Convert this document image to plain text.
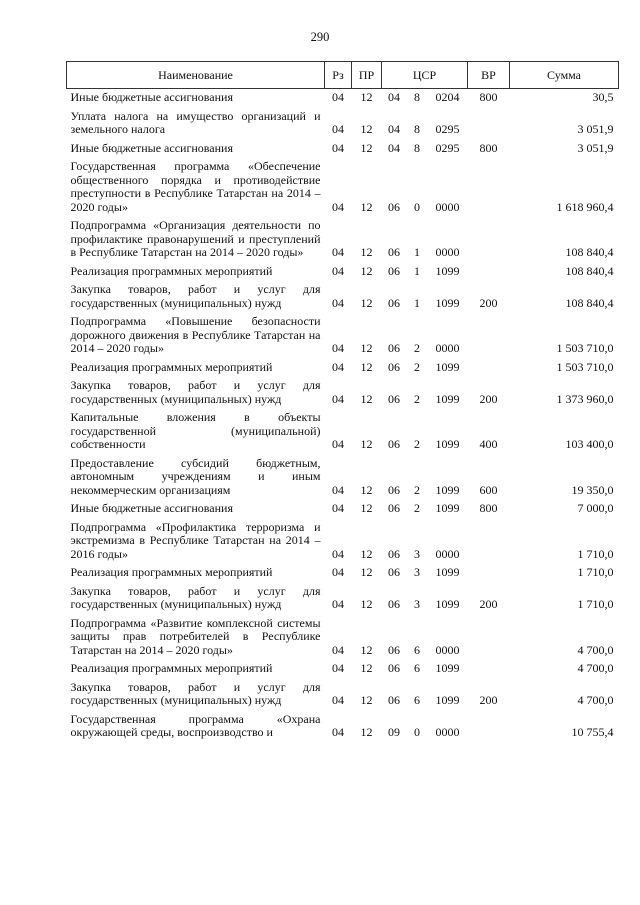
290
Наименование	Рз	ПР	ЦСР			ВР	Сумма
Иные бюджетные ассигнования	04	12	04	8	0204	800	30,5
Уплата налога на имущество организаций и земельного налога	04	12	04	8	0295		3 051,9
Иные бюджетные ассигнования	04	12	04	8	0295	800	3 051,9
Государственная программа «Обеспечение общественного порядка и противодействие преступности в Республике Татарстан на 2014 – 2020 годы»	04	12	06	0	0000		1 618 960,4
Подпрограмма «Организация деятельности по профилактике правонарушений и преступлений в Республике Татарстан на 2014 – 2020 годы»	04	12	06	1	0000		108 840,4
Реализация программных мероприятий	04	12	06	1	1099		108 840,4
Закупка товаров, работ и услуг для государственных (муниципальных) нужд	04	12	06	1	1099	200	108 840,4
Подпрограмма «Повышение безопасности дорожного движения в Республике Татарстан на 2014 – 2020 годы»	04	12	06	2	0000		1 503 710,0
Реализация программных мероприятий	04	12	06	2	1099		1 503 710,0
Закупка товаров, работ и услуг для государственных (муниципальных) нужд	04	12	06	2	1099	200	1 373 960,0
Капитальные вложения в объекты государственной (муниципальной) собственности	04	12	06	2	1099	400	103 400,0
Предоставление субсидий бюджетным, автономным учреждениям и иным некоммерческим организациям	04	12	06	2	1099	600	19 350,0
Иные бюджетные ассигнования	04	12	06	2	1099	800	7 000,0
Подпрограмма «Профилактика терроризма и экстремизма в Республике Татарстан на 2014 – 2016 годы»	04	12	06	3	0000		1 710,0
Реализация программных мероприятий	04	12	06	3	1099		1 710,0
Закупка товаров, работ и услуг для государственных (муниципальных) нужд	04	12	06	3	1099	200	1 710,0
Подпрограмма «Развитие комплексной системы защиты прав потребителей в Республике Татарстан на 2014 – 2020 годы»	04	12	06	6	0000		4 700,0
Реализация программных мероприятий	04	12	06	6	1099		4 700,0
Закупка товаров, работ и услуг для государственных (муниципальных) нужд	04	12	06	6	1099	200	4 700,0
Государственная программа «Охрана окружающей среды, воспроизводство и	04	12	09	0	0000		10 755,4
